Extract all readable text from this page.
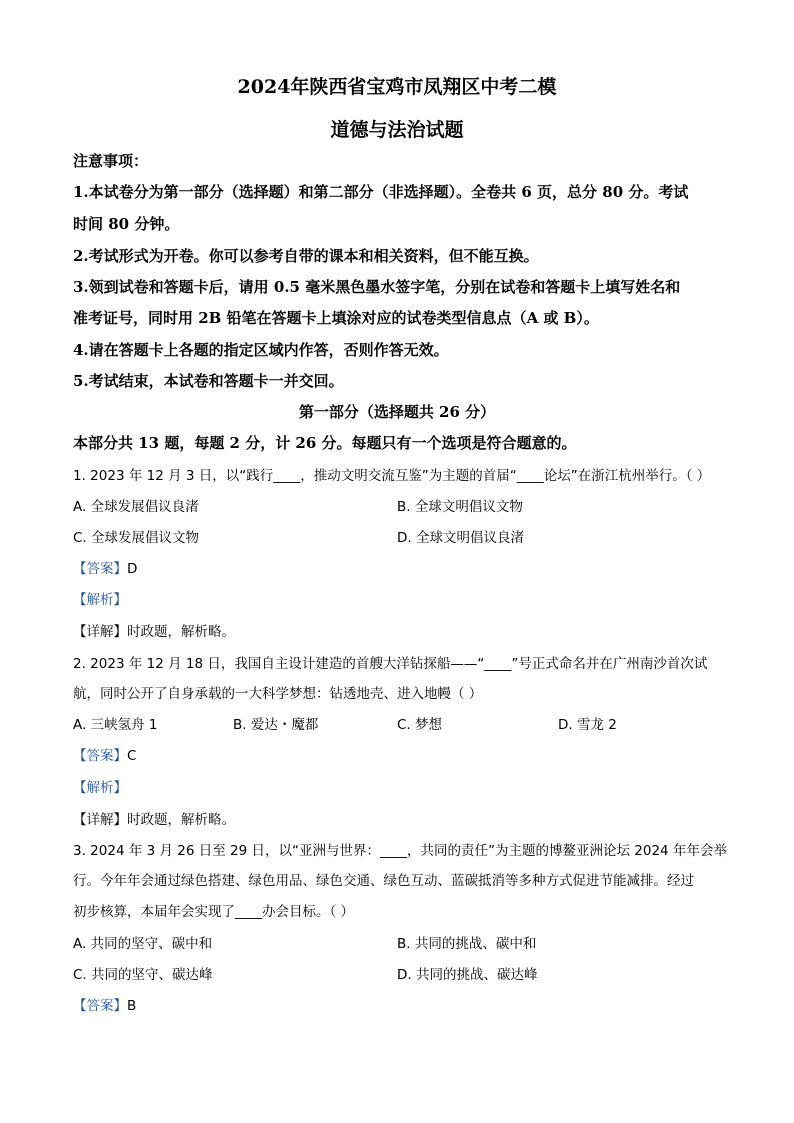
2024年陕西省宝鸡市凤翔区中考二模
道德与法治试题
注意事项：
1.本试卷分为第一部分（选择题）和第二部分（非选择题）。全卷共 6 页，总分 80 分。考试
时间 80 分钟。
2.考试形式为开卷。你可以参考自带的课本和相关资料，但不能互换。
3.领到试卷和答题卡后，请用 0.5 毫米黑色墨水签字笔，分别在试卷和答题卡上填写姓名和
准考证号，同时用 2B 铅笔在答题卡上填涂对应的试卷类型信息点（A 或 B）。
4.请在答题卡上各题的指定区域内作答，否则作答无效。
5.考试结束，本试卷和答题卡一并交回。
第一部分（选择题共 26 分）
本部分共 13 题，每题 2 分，计 26 分。每题只有一个选项是符合题意的。
1. 2023 年 12 月 3 日，以“践行____，推动文明交流互鉴”为主题的首届“____论坛”在浙江杭州举行。（ ）
A. 全球发展倡议良渚	B. 全球文明倡议文物
C. 全球发展倡议文物	D. 全球文明倡议良渚
【答案】D
【解析】
【详解】时政题，解析略。
2. 2023 年 12 月 18 日，我国自主设计建造的首艘大洋钻探船——“____”号正式命名并在广州南沙首次试
航，同时公开了自身承载的一大科学梦想：钻透地壳、进入地幔（ ）
A. 三峡氢舟 1	B. 爱达・魔都	C. 梦想	D. 雪龙 2
【答案】C
【解析】
【详解】时政题，解析略。
3. 2024 年 3 月 26 日至 29 日，以“亚洲与世界：____，共同的责任”为主题的博鳌亚洲论坛 2024 年年会举
行。今年年会通过绿色搭建、绿色用品、绿色交通、绿色互动、蓝碳抵消等多种方式促进节能减排。经过
初步核算，本届年会实现了____办会目标。（ ）
A. 共同的坚守、碳中和	B. 共同的挑战、碳中和
C. 共同的坚守、碳达峰	D. 共同的挑战、碳达峰
【答案】B
